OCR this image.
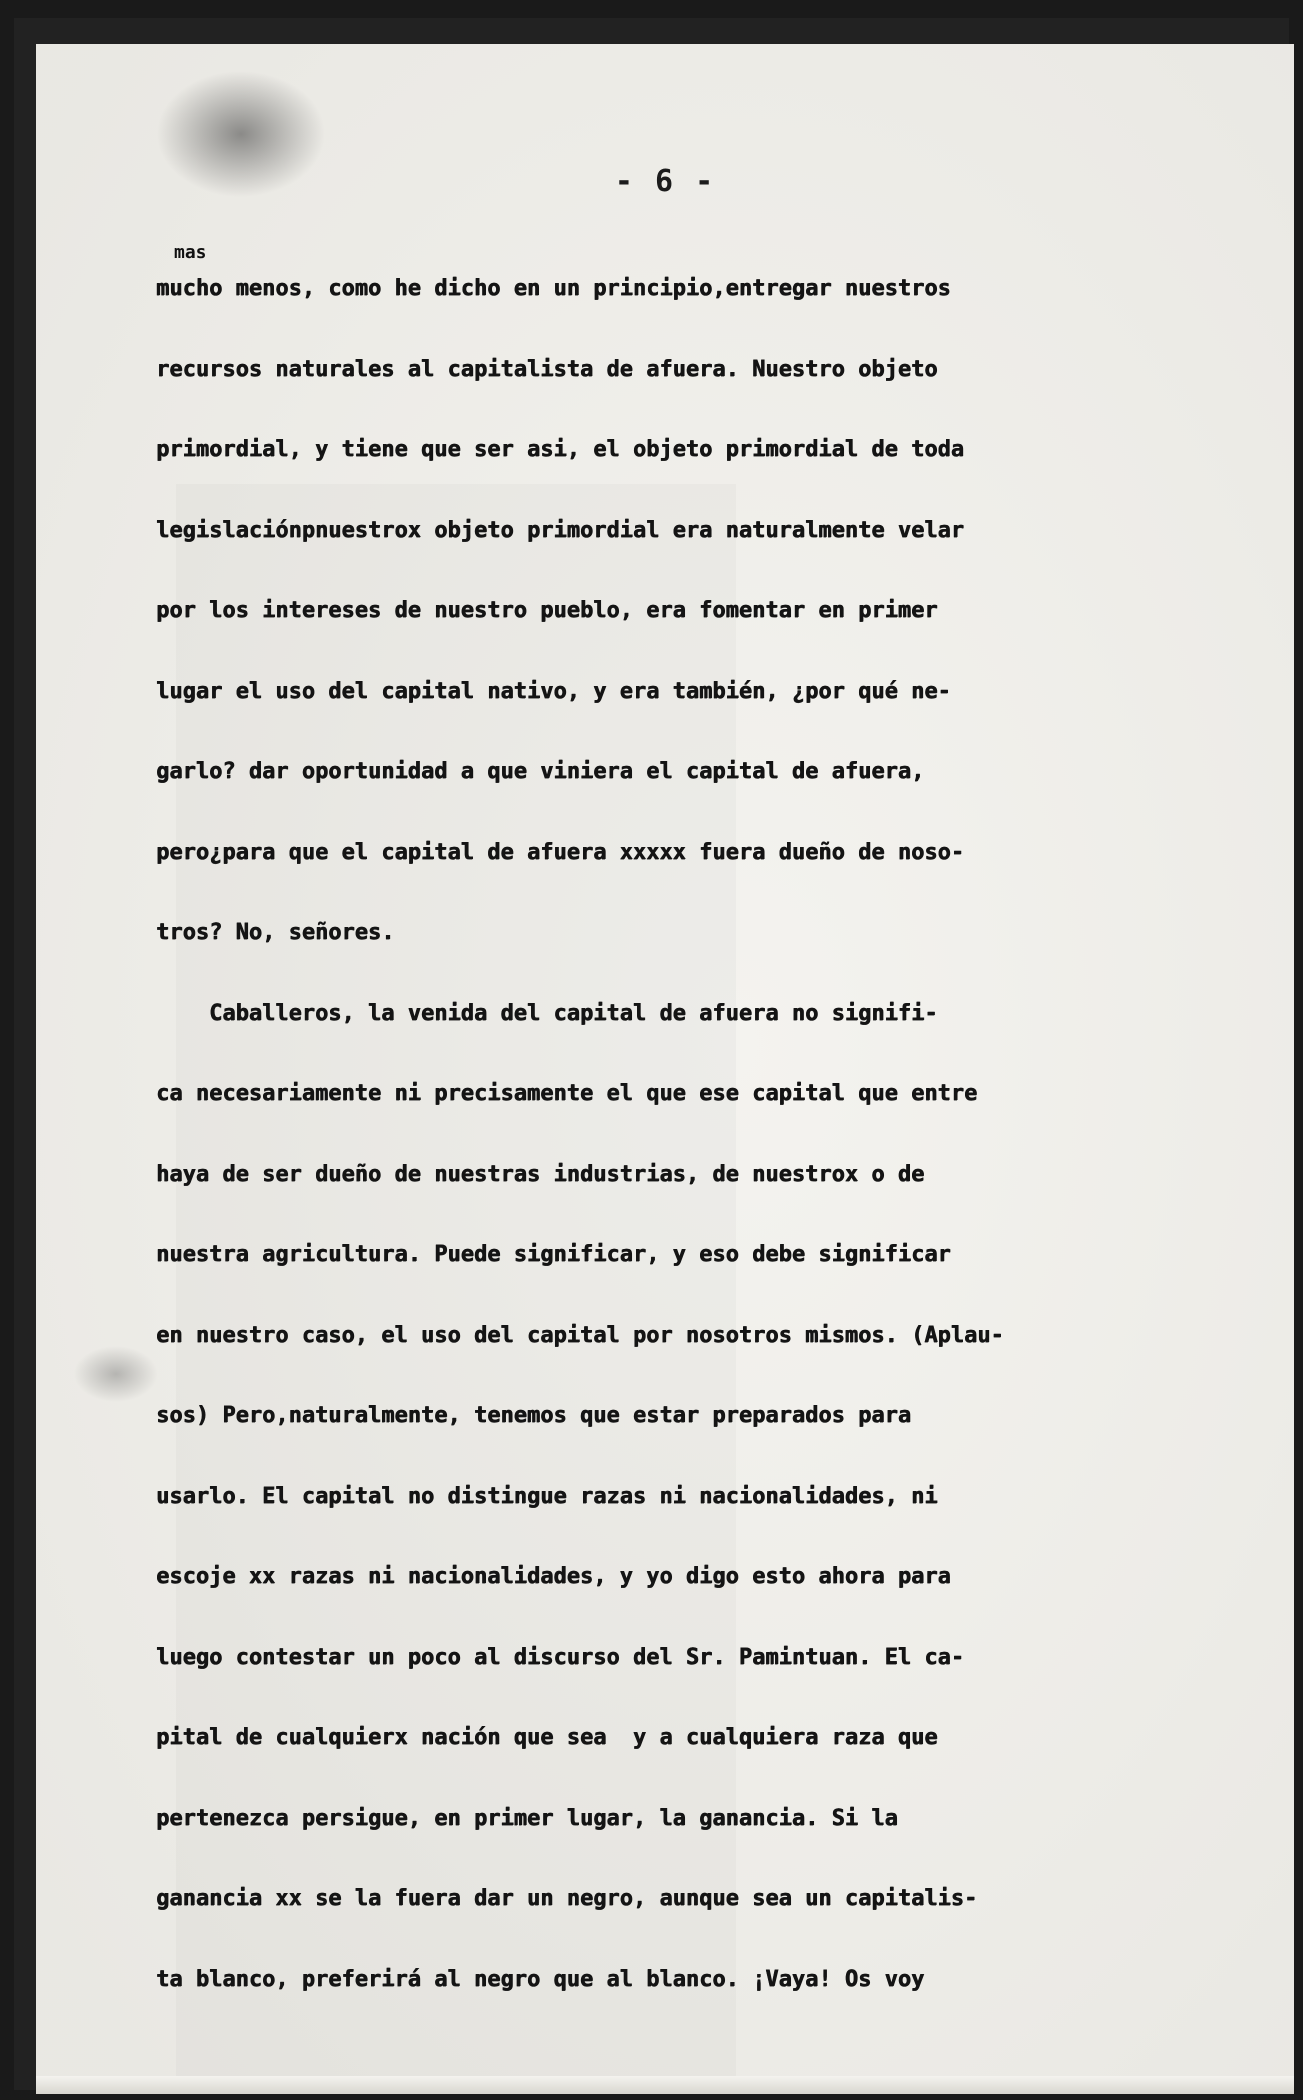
- 6 -
mas
mucho menos, como he dicho en un principio,entregar nuestros
recursos naturales al capitalista de afuera. Nuestro objeto
primordial, y tiene que ser asi, el objeto primordial de toda
legislaciónpnuestrox objeto primordial era naturalmente velar
por los intereses de nuestro pueblo, era fomentar en primer
lugar el uso del capital nativo, y era también, ¿por qué ne-
garlo? dar oportunidad a que viniera el capital de afuera,
pero¿para que el capital de afuera xxxxx fuera dueño de noso-
tros? No, señores.
Caballeros, la venida del capital de afuera no signifi-
ca necesariamente ni precisamente el que ese capital que entre
haya de ser dueño de nuestras industrias, de nuestrox o de
nuestra agricultura. Puede significar, y eso debe significar
en nuestro caso, el uso del capital por nosotros mismos. (Aplau-
sos) Pero,naturalmente, tenemos que estar preparados para
usarlo. El capital no distingue razas ni nacionalidades, ni
escoje xx razas ni nacionalidades, y yo digo esto ahora para
luego contestar un poco al discurso del Sr. Pamintuan. El ca-
pital de cualquierx nación que sea  y a cualquiera raza que
pertenezca persigue, en primer lugar, la ganancia. Si la
ganancia xx se la fuera dar un negro, aunque sea un capitalis-
ta blanco, preferirá al negro que al blanco. ¡Vaya! Os voy
